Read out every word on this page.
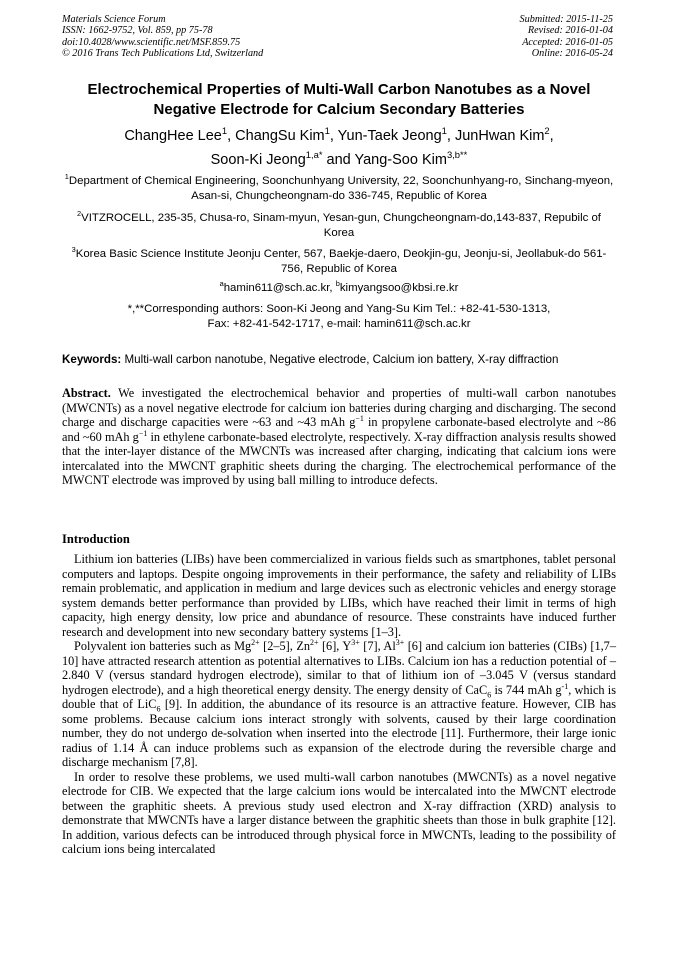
Materials Science Forum
ISSN: 1662-9752, Vol. 859, pp 75-78
doi:10.4028/www.scientific.net/MSF.859.75
© 2016 Trans Tech Publications Ltd, Switzerland
Submitted: 2015-11-25
Revised: 2016-01-04
Accepted: 2016-01-05
Online: 2016-05-24
Electrochemical Properties of Multi-Wall Carbon Nanotubes as a Novel Negative Electrode for Calcium Secondary Batteries
ChangHee Lee$^1$, ChangSu Kim$^1$, Yun-Taek Jeong$^1$, JunHwan Kim$^2$,
Soon-Ki Jeong$^{1,a*}$ and Yang-Soo Kim$^{3,b**}$
$^1$Department of Chemical Engineering, Soonchunhyang University, 22, Soonchunhyang-ro, Sinchang-myeon, Asan-si, Chungcheongnam-do 336-745, Republic of Korea
$^2$VITZROCELL, 235-35, Chusa-ro, Sinam-myun, Yesan-gun, Chungcheongnam-do,143-837, Repubilc of Korea
$^3$Korea Basic Science Institute Jeonju Center, 567, Baekje-daero, Deokjin-gu, Jeonju-si, Jeollabuk-do 561-756, Republic of Korea
$^a$hamin611@sch.ac.kr, $^b$kimyangsoo@kbsi.re.kr
*,**Corresponding authors: Soon-Ki Jeong and Yang-Su Kim Tel.: +82-41-530-1313,
Fax: +82-41-542-1717, e-mail: hamin611@sch.ac.kr
Keywords: Multi-wall carbon nanotube, Negative electrode, Calcium ion battery, X-ray diffraction
Abstract. We investigated the electrochemical behavior and properties of multi-wall carbon nanotubes (MWCNTs) as a novel negative electrode for calcium ion batteries during charging and discharging. The second charge and discharge capacities were ~63 and ~43 mAh $g^{-1}$ in propylene carbonate-based electrolyte and ~86 and ~60 mAh $g^{-1}$ in ethylene carbonate-based electrolyte, respectively. X-ray diffraction analysis results showed that the inter-layer distance of the MWCNTs was increased after charging, indicating that calcium ions were intercalated into the MWCNT graphitic sheets during the charging. The electrochemical performance of the MWCNT electrode was improved by using ball milling to introduce defects.
Introduction

Lithium ion batteries (LIBs) have been commercialized in various fields such as smartphones, tablet personal computers and laptops. Despite ongoing improvements in their performance, the safety and reliability of LIBs remain problematic, and application in medium and large devices such as electronic vehicles and energy storage system demands better performance than provided by LIBs, which have reached their limit in terms of high capacity, high energy density, low price and abundance of resource. These constraints have induced further research and development into new secondary battery systems [1–3].

Polyvalent ion batteries such as $Mg^{2+}$ [2–5], $Zn^{2+}$ [6], $Y^{3+}$ [7], $Al^{3+}$ [6] and calcium ion batteries (CIBs) [1,7–10] have attracted research attention as potential alternatives to LIBs. Calcium ion has a reduction potential of –2.840 V (versus standard hydrogen electrode), similar to that of lithium ion of –3.045 V (versus standard hydrogen electrode), and a high theoretical energy density. The energy density of CaC$_6$ is 744 mAh $g^{-1}$, which is double that of LiC$_6$ [9]. In addition, the abundance of its resource is an attractive feature. However, CIB has some problems. Because calcium ions interact strongly with solvents, caused by their large coordination number, they do not undergo de-solvation when inserted into the electrode [11]. Furthermore, their large ionic radius of 1.14 Å can induce problems such as expansion of the electrode during the reversible charge and discharge mechanism [7,8].

In order to resolve these problems, we used multi-wall carbon nanotubes (MWCNTs) as a novel negative electrode for CIB. We expected that the large calcium ions would be intercalated into the MWCNT electrode between the graphitic sheets. A previous study used electron and X-ray diffraction (XRD) analysis to demonstrate that MWCNTs have a larger distance between the graphitic sheets than those in bulk graphite [12]. In addition, various defects can be introduced through physical force in MWCNTs, leading to the possibility of calcium ions being intercalated
